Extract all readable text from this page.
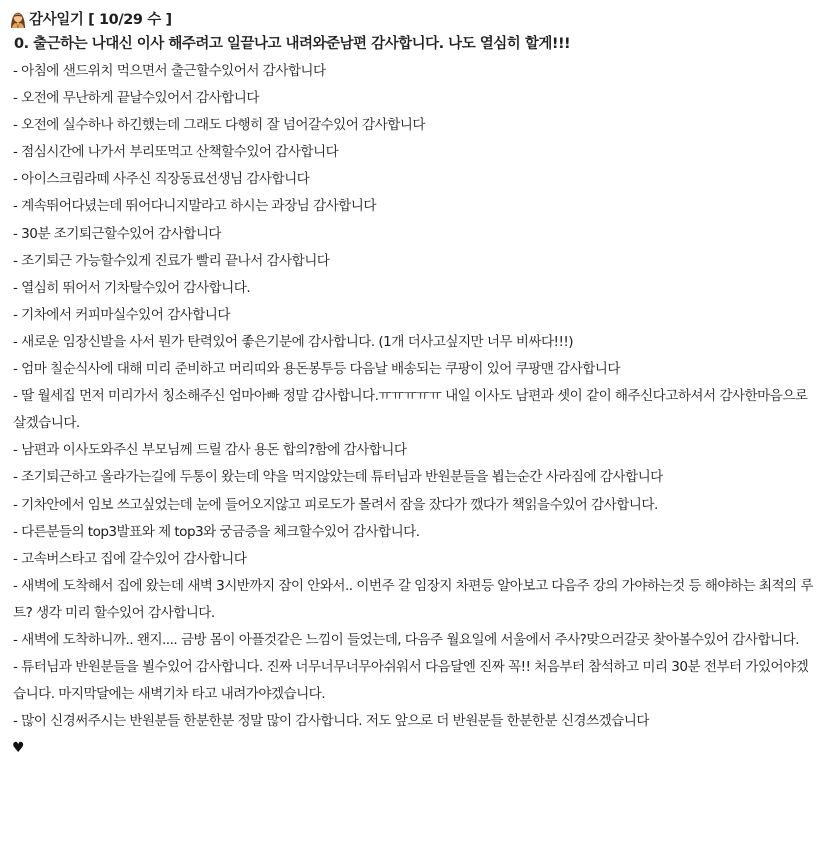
감사일기 [ 10/29 수 ]
0. 출근하는 나대신 이사 해주려고 일끝나고 내려와준남편 감사합니다. 나도 열심히 할게!!!
- 아침에 샌드위치 먹으면서 출근할수있어서 감사합니다
- 오전에 무난하게 끝날수있어서 감사합니다
- 오전에 실수하나 하긴했는데 그래도 다행히 잘 넘어갈수있어 감사합니다
- 점심시간에 나가서 부리또먹고 산책할수있어 감사합니다
- 아이스크림라떼 사주신 직장동료선생님 감사합니다
- 계속뛰어다녔는데 뛰어다니지말라고 하시는 과장님 감사합니다
- 30분 조기퇴근할수있어 감사합니다
- 조기퇴근 가능할수있게 진료가 빨리 끝나서 감사합니다
- 열심히 뛰어서 기차탈수있어 감사합니다.
- 기차에서 커피마실수있어 감사합니다
- 새로운 임장신발을 사서 뭔가 탄력있어 좋은기분에 감사합니다. (1개 더사고싶지만 너무 비싸다!!!)
- 엄마 칠순식사에 대해 미리 준비하고 머리띠와 용돈봉투등 다음날 배송되는 쿠팡이 있어 쿠팡맨 감사합니다
- 딸 월세집 먼저 미리가서 칭소해주신 엄마아빠 정말 감사합니다.ㅠㅠㅠㅠㅠ 내일 이사도 남편과 셋이 같이 해주신다고하셔서 감사한마음으로 살겠습니다.
- 남편과 이사도와주신 부모님께 드릴 감사 용돈 합의?함에 감사합니다
- 조기퇴근하고 올라가는길에 두통이 왔는데 약을 먹지않았는데 튜터님과 반원분들을 뵙는순간 사라짐에 감사합니다
- 기차안에서 임보 쓰고싶었는데 눈에 들어오지않고 피로도가 몰려서 잠을 잤다가 깼다가 책읽을수있어 감사합니다.
- 다른분들의 top3발표와 제 top3와 궁금증을 체크할수있어 감사합니다.
- 고속버스타고 집에 갈수있어 감사합니다
- 새벽에 도착해서 집에 왔는데 새벽 3시반까지 잠이 안와서.. 이번주 갈 임장지 차편등 알아보고 다음주 강의 가야하는것 등 해야하는 최적의 루트? 생각 미리 할수있어 감사합니다.
- 새벽에 도착하니까.. 왠지.... 금방 몸이 아플것같은 느낌이 들었는데, 다음주 월요일에 서울에서 주사?맞으러갈곳 찾아볼수있어 감사합니다.
- 튜터님과 반원분들을 뵐수있어 감사합니다. 진짜 너무너무너무아쉬워서 다음달엔 진짜 꼭!! 처음부터 참석하고 미리 30분 전부터 가있어야겠습니다. 마지막달에는 새벽기차 타고 내려가야겠습니다.
- 많이 신경써주시는 반원분들 한분한분 정말 많이 감사합니다. 저도 앞으로 더 반원분들 한분한분 신경쓰겠습니다
♥
